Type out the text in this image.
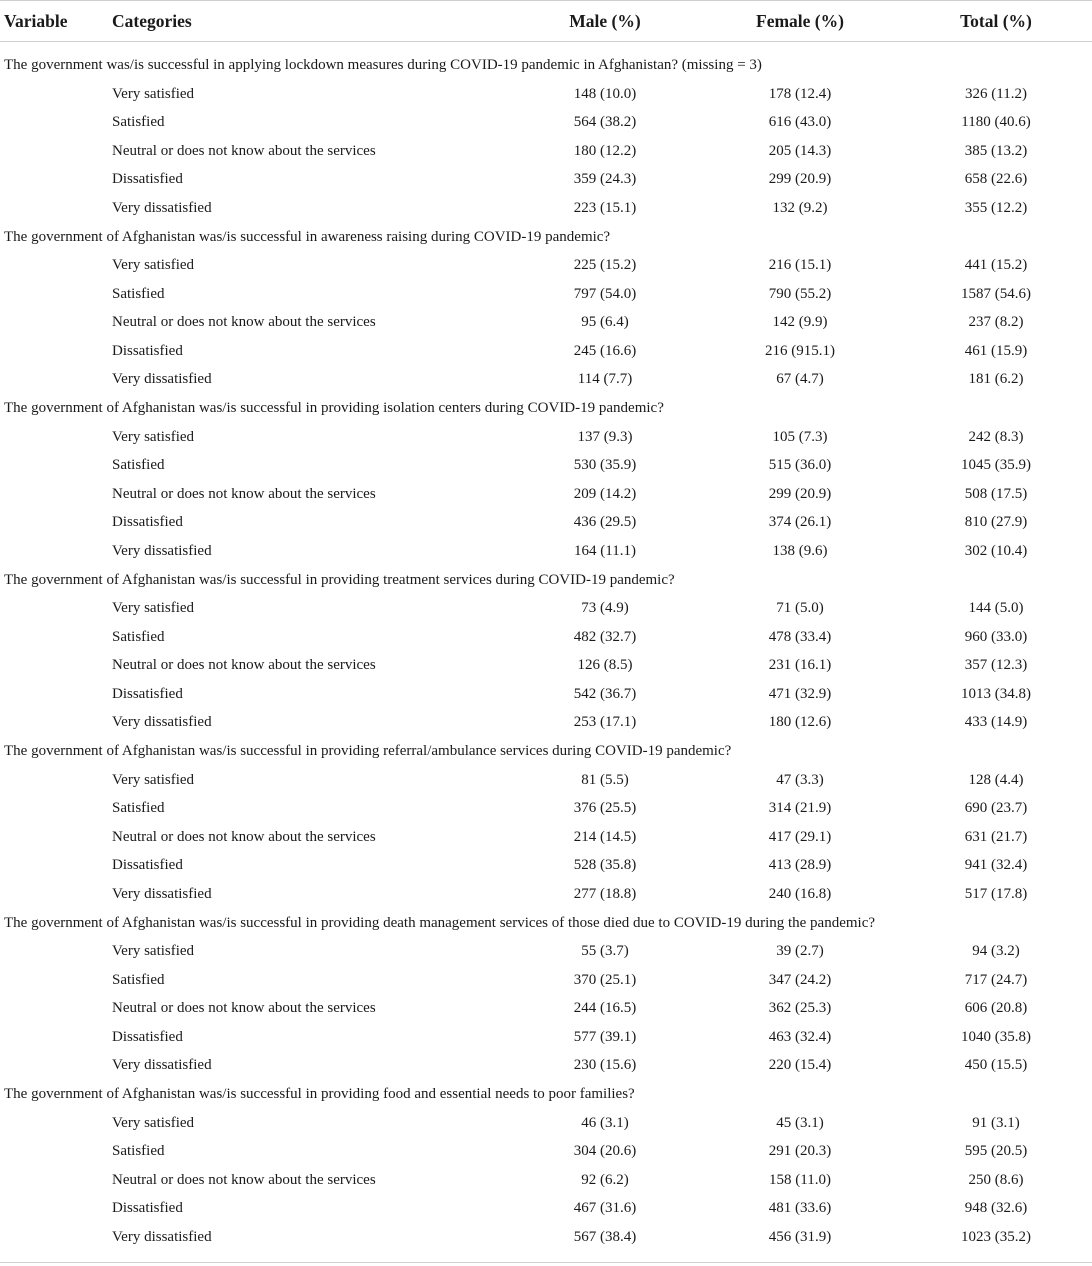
Variable	Categories	Male (%)	Female (%)	Total (%)

The government was/is successful in applying lockdown measures during COVID-19 pandemic in Afghanistan? (missing = 3)				
	Very satisfied	148 (10.0)	178 (12.4)	326 (11.2)
	Satisfied	564 (38.2)	616 (43.0)	1180 (40.6)
	Neutral or does not know about the services	180 (12.2)	205 (14.3)	385 (13.2)
	Dissatisfied	359 (24.3)	299 (20.9)	658 (22.6)
	Very dissatisfied	223 (15.1)	132 (9.2)	355 (12.2)
The government of Afghanistan was/is successful in awareness raising during COVID-19 pandemic?				
	Very satisfied	225 (15.2)	216 (15.1)	441 (15.2)
	Satisfied	797 (54.0)	790 (55.2)	1587 (54.6)
	Neutral or does not know about the services	95 (6.4)	142 (9.9)	237 (8.2)
	Dissatisfied	245 (16.6)	216 (915.1)	461 (15.9)
	Very dissatisfied	114 (7.7)	67 (4.7)	181 (6.2)
The government of Afghanistan was/is successful in providing isolation centers during COVID-19 pandemic?				
	Very satisfied	137 (9.3)	105 (7.3)	242 (8.3)
	Satisfied	530 (35.9)	515 (36.0)	1045 (35.9)
	Neutral or does not know about the services	209 (14.2)	299 (20.9)	508 (17.5)
	Dissatisfied	436 (29.5)	374 (26.1)	810 (27.9)
	Very dissatisfied	164 (11.1)	138 (9.6)	302 (10.4)
The government of Afghanistan was/is successful in providing treatment services during COVID-19 pandemic?				
	Very satisfied	73 (4.9)	71 (5.0)	144 (5.0)
	Satisfied	482 (32.7)	478 (33.4)	960 (33.0)
	Neutral or does not know about the services	126 (8.5)	231 (16.1)	357 (12.3)
	Dissatisfied	542 (36.7)	471 (32.9)	1013 (34.8)
	Very dissatisfied	253 (17.1)	180 (12.6)	433 (14.9)
The government of Afghanistan was/is successful in providing referral/ambulance services during COVID-19 pandemic?				
	Very satisfied	81 (5.5)	47 (3.3)	128 (4.4)
	Satisfied	376 (25.5)	314 (21.9)	690 (23.7)
	Neutral or does not know about the services	214 (14.5)	417 (29.1)	631 (21.7)
	Dissatisfied	528 (35.8)	413 (28.9)	941 (32.4)
	Very dissatisfied	277 (18.8)	240 (16.8)	517 (17.8)
The government of Afghanistan was/is successful in providing death management services of those died due to COVID-19 during the pandemic?				
	Very satisfied	55 (3.7)	39 (2.7)	94 (3.2)
	Satisfied	370 (25.1)	347 (24.2)	717 (24.7)
	Neutral or does not know about the services	244 (16.5)	362 (25.3)	606 (20.8)
	Dissatisfied	577 (39.1)	463 (32.4)	1040 (35.8)
	Very dissatisfied	230 (15.6)	220 (15.4)	450 (15.5)
The government of Afghanistan was/is successful in providing food and essential needs to poor families?				
	Very satisfied	46 (3.1)	45 (3.1)	91 (3.1)
	Satisfied	304 (20.6)	291 (20.3)	595 (20.5)
	Neutral or does not know about the services	92 (6.2)	158 (11.0)	250 (8.6)
	Dissatisfied	467 (31.6)	481 (33.6)	948 (32.6)
	Very dissatisfied	567 (38.4)	456 (31.9)	1023 (35.2)
